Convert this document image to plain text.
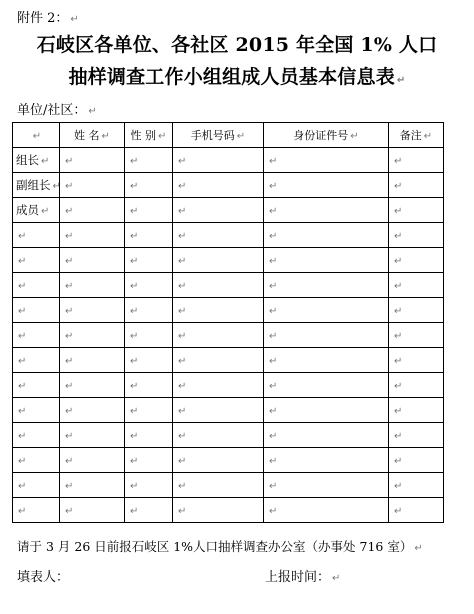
附件 2： ↵
石岐区各单位、各社区 2015 年全国 1% 人口
抽样调查工作小组组成人员基本信息表 ↵
单位/社区： ↵
↵	姓 名 ↵	性 别 ↵	手机号码 ↵	身份证件号 ↵	备注 ↵
组长 ↵	↵	↵	↵	↵	↵
副组长 ↵	↵	↵	↵	↵	↵
成员 ↵	↵	↵	↵	↵	↵
↵	↵	↵	↵	↵	↵
↵	↵	↵	↵	↵	↵
↵	↵	↵	↵	↵	↵
↵	↵	↵	↵	↵	↵
↵	↵	↵	↵	↵	↵
↵	↵	↵	↵	↵	↵
↵	↵	↵	↵	↵	↵
↵	↵	↵	↵	↵	↵
↵	↵	↵	↵	↵	↵
↵	↵	↵	↵	↵	↵
↵	↵	↵	↵	↵	↵
↵	↵	↵	↵	↵	↵
请于 3 月 26 日前报石岐区 1%人口抽样调查办公室（办事处 716 室） ↵
填表人：	上报时间： ↵
